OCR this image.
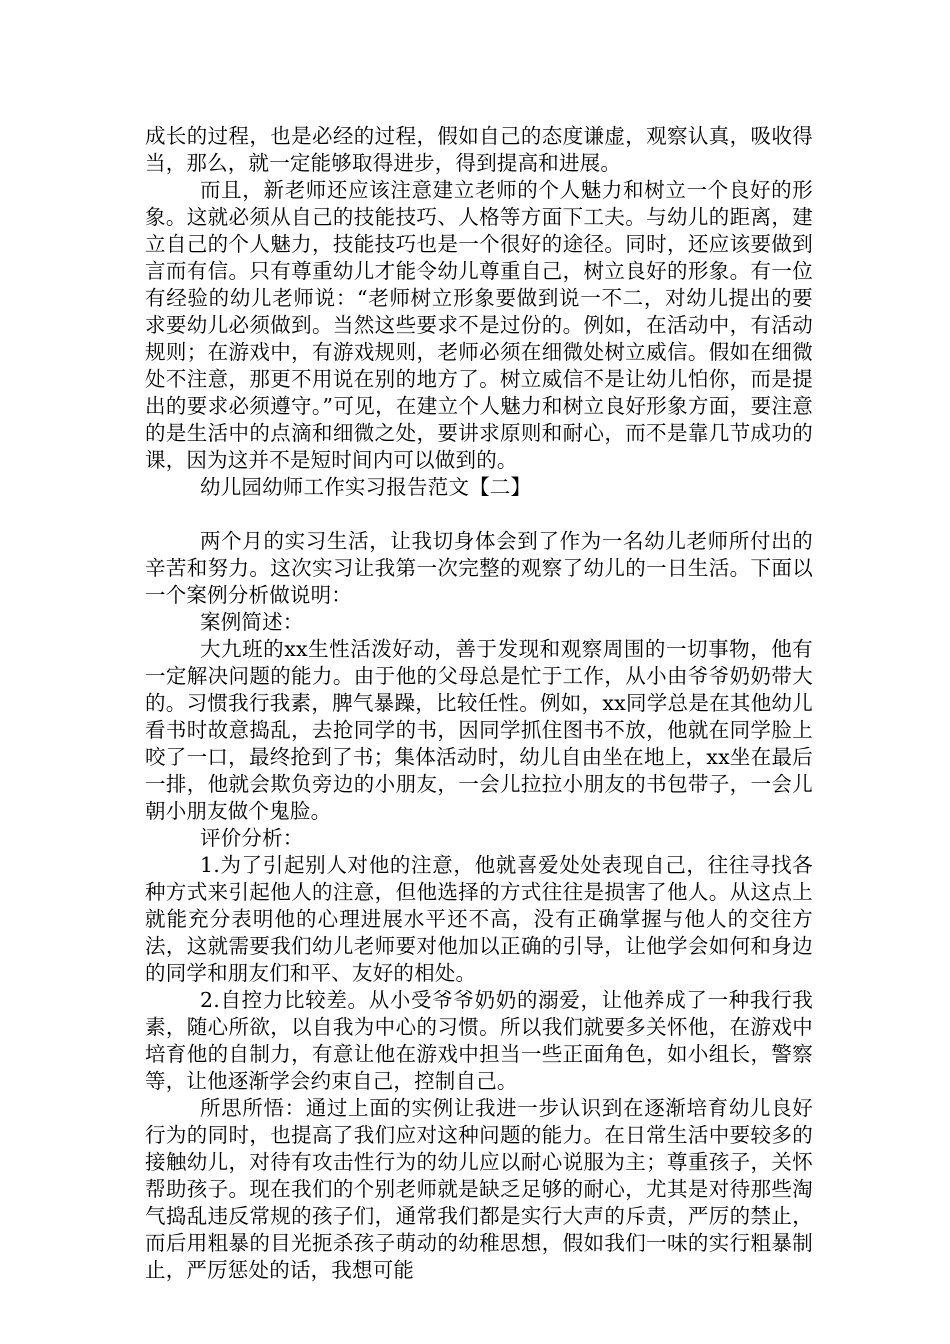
成长的过程，也是必经的过程，假如自己的态度谦虚，观察认真，吸收得当，那么，就一定能够取得进步，得到提高和进展。

而且，新老师还应该注意建立老师的个人魅力和树立一个良好的形象。这就必须从自己的技能技巧、人格等方面下工夫。与幼儿的距离，建立自己的个人魅力，技能技巧也是一个很好的途径。同时，还应该要做到言而有信。只有尊重幼儿才能令幼儿尊重自己，树立良好的形象。有一位有经验的幼儿老师说：“老师树立形象要做到说一不二，对幼儿提出的要求要幼儿必须做到。当然这些要求不是过份的。例如，在活动中，有活动规则；在游戏中，有游戏规则，老师必须在细微处树立威信。假如在细微处不注意，那更不用说在别的地方了。树立威信不是让幼儿怕你，而是提出的要求必须遵守。”可见，在建立个人魅力和树立良好形象方面，要注意的是生活中的点滴和细微之处，要讲求原则和耐心，而不是靠几节成功的课，因为这并不是短时间内可以做到的。

幼儿园幼师工作实习报告范文【二】

两个月的实习生活，让我切身体会到了作为一名幼儿老师所付出的辛苦和努力。这次实习让我第一次完整的观察了幼儿的一日生活。下面以一个案例分析做说明：

案例简述：

大九班的xx生性活泼好动，善于发现和观察周围的一切事物，他有一定解决问题的能力。由于他的父母总是忙于工作，从小由爷爷奶奶带大的。习惯我行我素，脾气暴躁，比较任性。例如，xx同学总是在其他幼儿看书时故意捣乱，去抢同学的书，因同学抓住图书不放，他就在同学脸上咬了一口，最终抢到了书；集体活动时，幼儿自由坐在地上，xx坐在最后一排，他就会欺负旁边的小朋友，一会儿拉拉小朋友的书包带子，一会儿朝小朋友做个鬼脸。

评价分析：

1.为了引起别人对他的注意，他就喜爱处处表现自己，往往寻找各种方式来引起他人的注意，但他选择的方式往往是损害了他人。从这点上就能充分表明他的心理进展水平还不高，没有正确掌握与他人的交往方法，这就需要我们幼儿老师要对他加以正确的引导，让他学会如何和身边的同学和朋友们和平、友好的相处。

2.自控力比较差。从小受爷爷奶奶的溺爱，让他养成了一种我行我素，随心所欲，以自我为中心的习惯。所以我们就要多关怀他，在游戏中培育他的自制力，有意让他在游戏中担当一些正面角色，如小组长，警察等，让他逐渐学会约束自己，控制自己。

所思所悟：通过上面的实例让我进一步认识到在逐渐培育幼儿良好行为的同时，也提高了我们应对这种问题的能力。在日常生活中要较多的接触幼儿，对待有攻击性行为的幼儿应以耐心说服为主；尊重孩子，关怀帮助孩子。现在我们的个别老师就是缺乏足够的耐心，尤其是对待那些淘气捣乱违反常规的孩子们，通常我们都是实行大声的斥责，严厉的禁止，而后用粗暴的目光扼杀孩子萌动的幼稚思想，假如我们一味的实行粗暴制止，严厉惩处的话，我想可能
